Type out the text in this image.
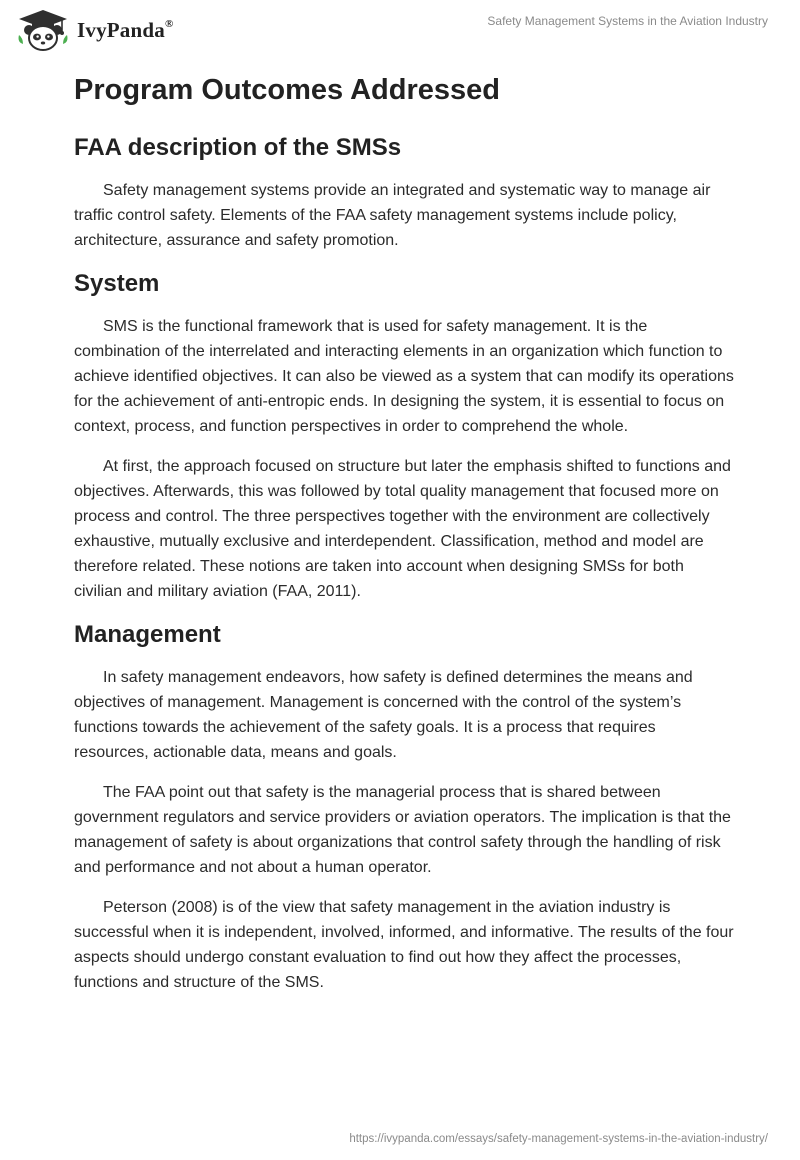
IvyPanda®	Safety Management Systems in the Aviation Industry
Program Outcomes Addressed
FAA description of the SMSs

Safety management systems provide an integrated and systematic way to manage air traffic control safety. Elements of the FAA safety management systems include policy, architecture, assurance and safety promotion.

System

SMS is the functional framework that is used for safety management. It is the combination of the interrelated and interacting elements in an organization which function to achieve identified objectives. It can also be viewed as a system that can modify its operations for the achievement of anti-entropic ends. In designing the system, it is essential to focus on context, process, and function perspectives in order to comprehend the whole.

At first, the approach focused on structure but later the emphasis shifted to functions and objectives. Afterwards, this was followed by total quality management that focused more on process and control. The three perspectives together with the environment are collectively exhaustive, mutually exclusive and interdependent. Classification, method and model are therefore related. These notions are taken into account when designing SMSs for both civilian and military aviation (FAA, 2011).

Management

In safety management endeavors, how safety is defined determines the means and objectives of management. Management is concerned with the control of the system’s functions towards the achievement of the safety goals. It is a process that requires resources, actionable data, means and goals.

The FAA point out that safety is the managerial process that is shared between government regulators and service providers or aviation operators. The implication is that the management of safety is about organizations that control safety through the handling of risk and performance and not about a human operator.

Peterson (2008) is of the view that safety management in the aviation industry is successful when it is independent, involved, informed, and informative. The results of the four aspects should undergo constant evaluation to find out how they affect the processes, functions and structure of the SMS.

https://ivypanda.com/essays/safety-management-systems-in-the-aviation-industry/
